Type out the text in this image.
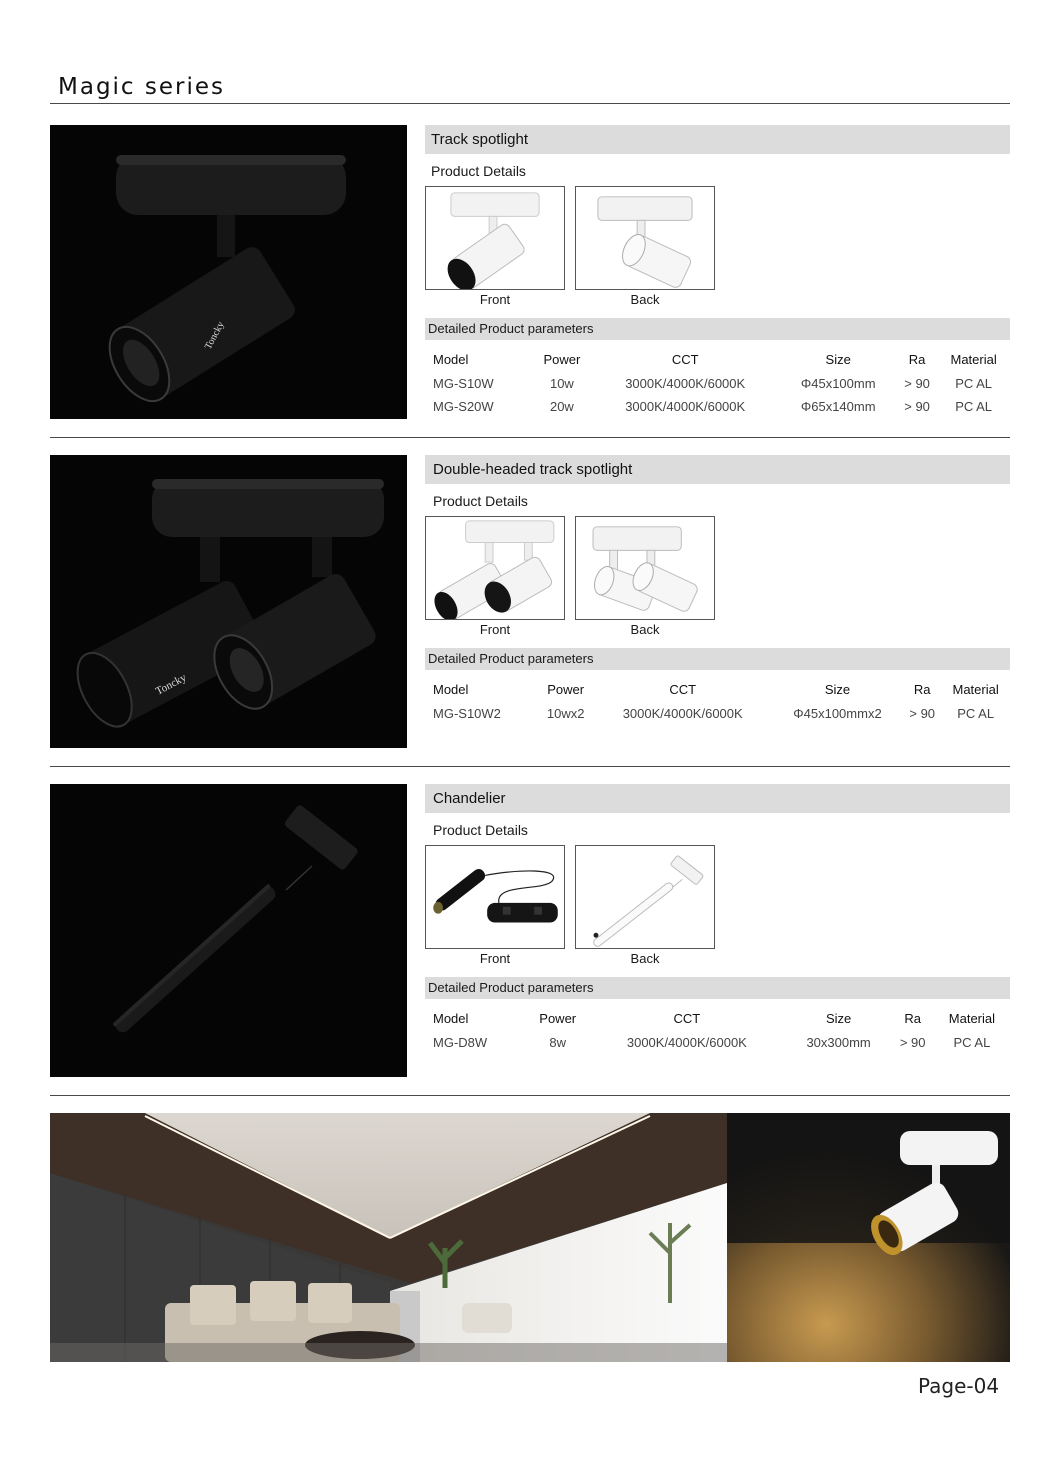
Magic series
Toncky
Track spotlight
Product Details
Front	Back
Detailed Product parameters
Model	Power	CCT	Size	Ra	Material
MG-S10W	10w	3000K/4000K/6000K	Φ45x100mm	> 90	PC AL
MG-S20W	20w	3000K/4000K/6000K	Φ65x140mm	> 90	PC AL
Toncky
Double-headed track spotlight
Product Details
Front	Back
Detailed Product parameters
Model	Power	CCT	Size	Ra	Material
MG-S10W2	10wx2	3000K/4000K/6000K	Φ45x100mmx2	> 90	PC AL
Chandelier
Product Details
Front	Back
Detailed Product parameters
Model	Power	CCT	Size	Ra	Material
MG-D8W	8w	3000K/4000K/6000K	30x300mm	> 90	PC AL
Page-04
